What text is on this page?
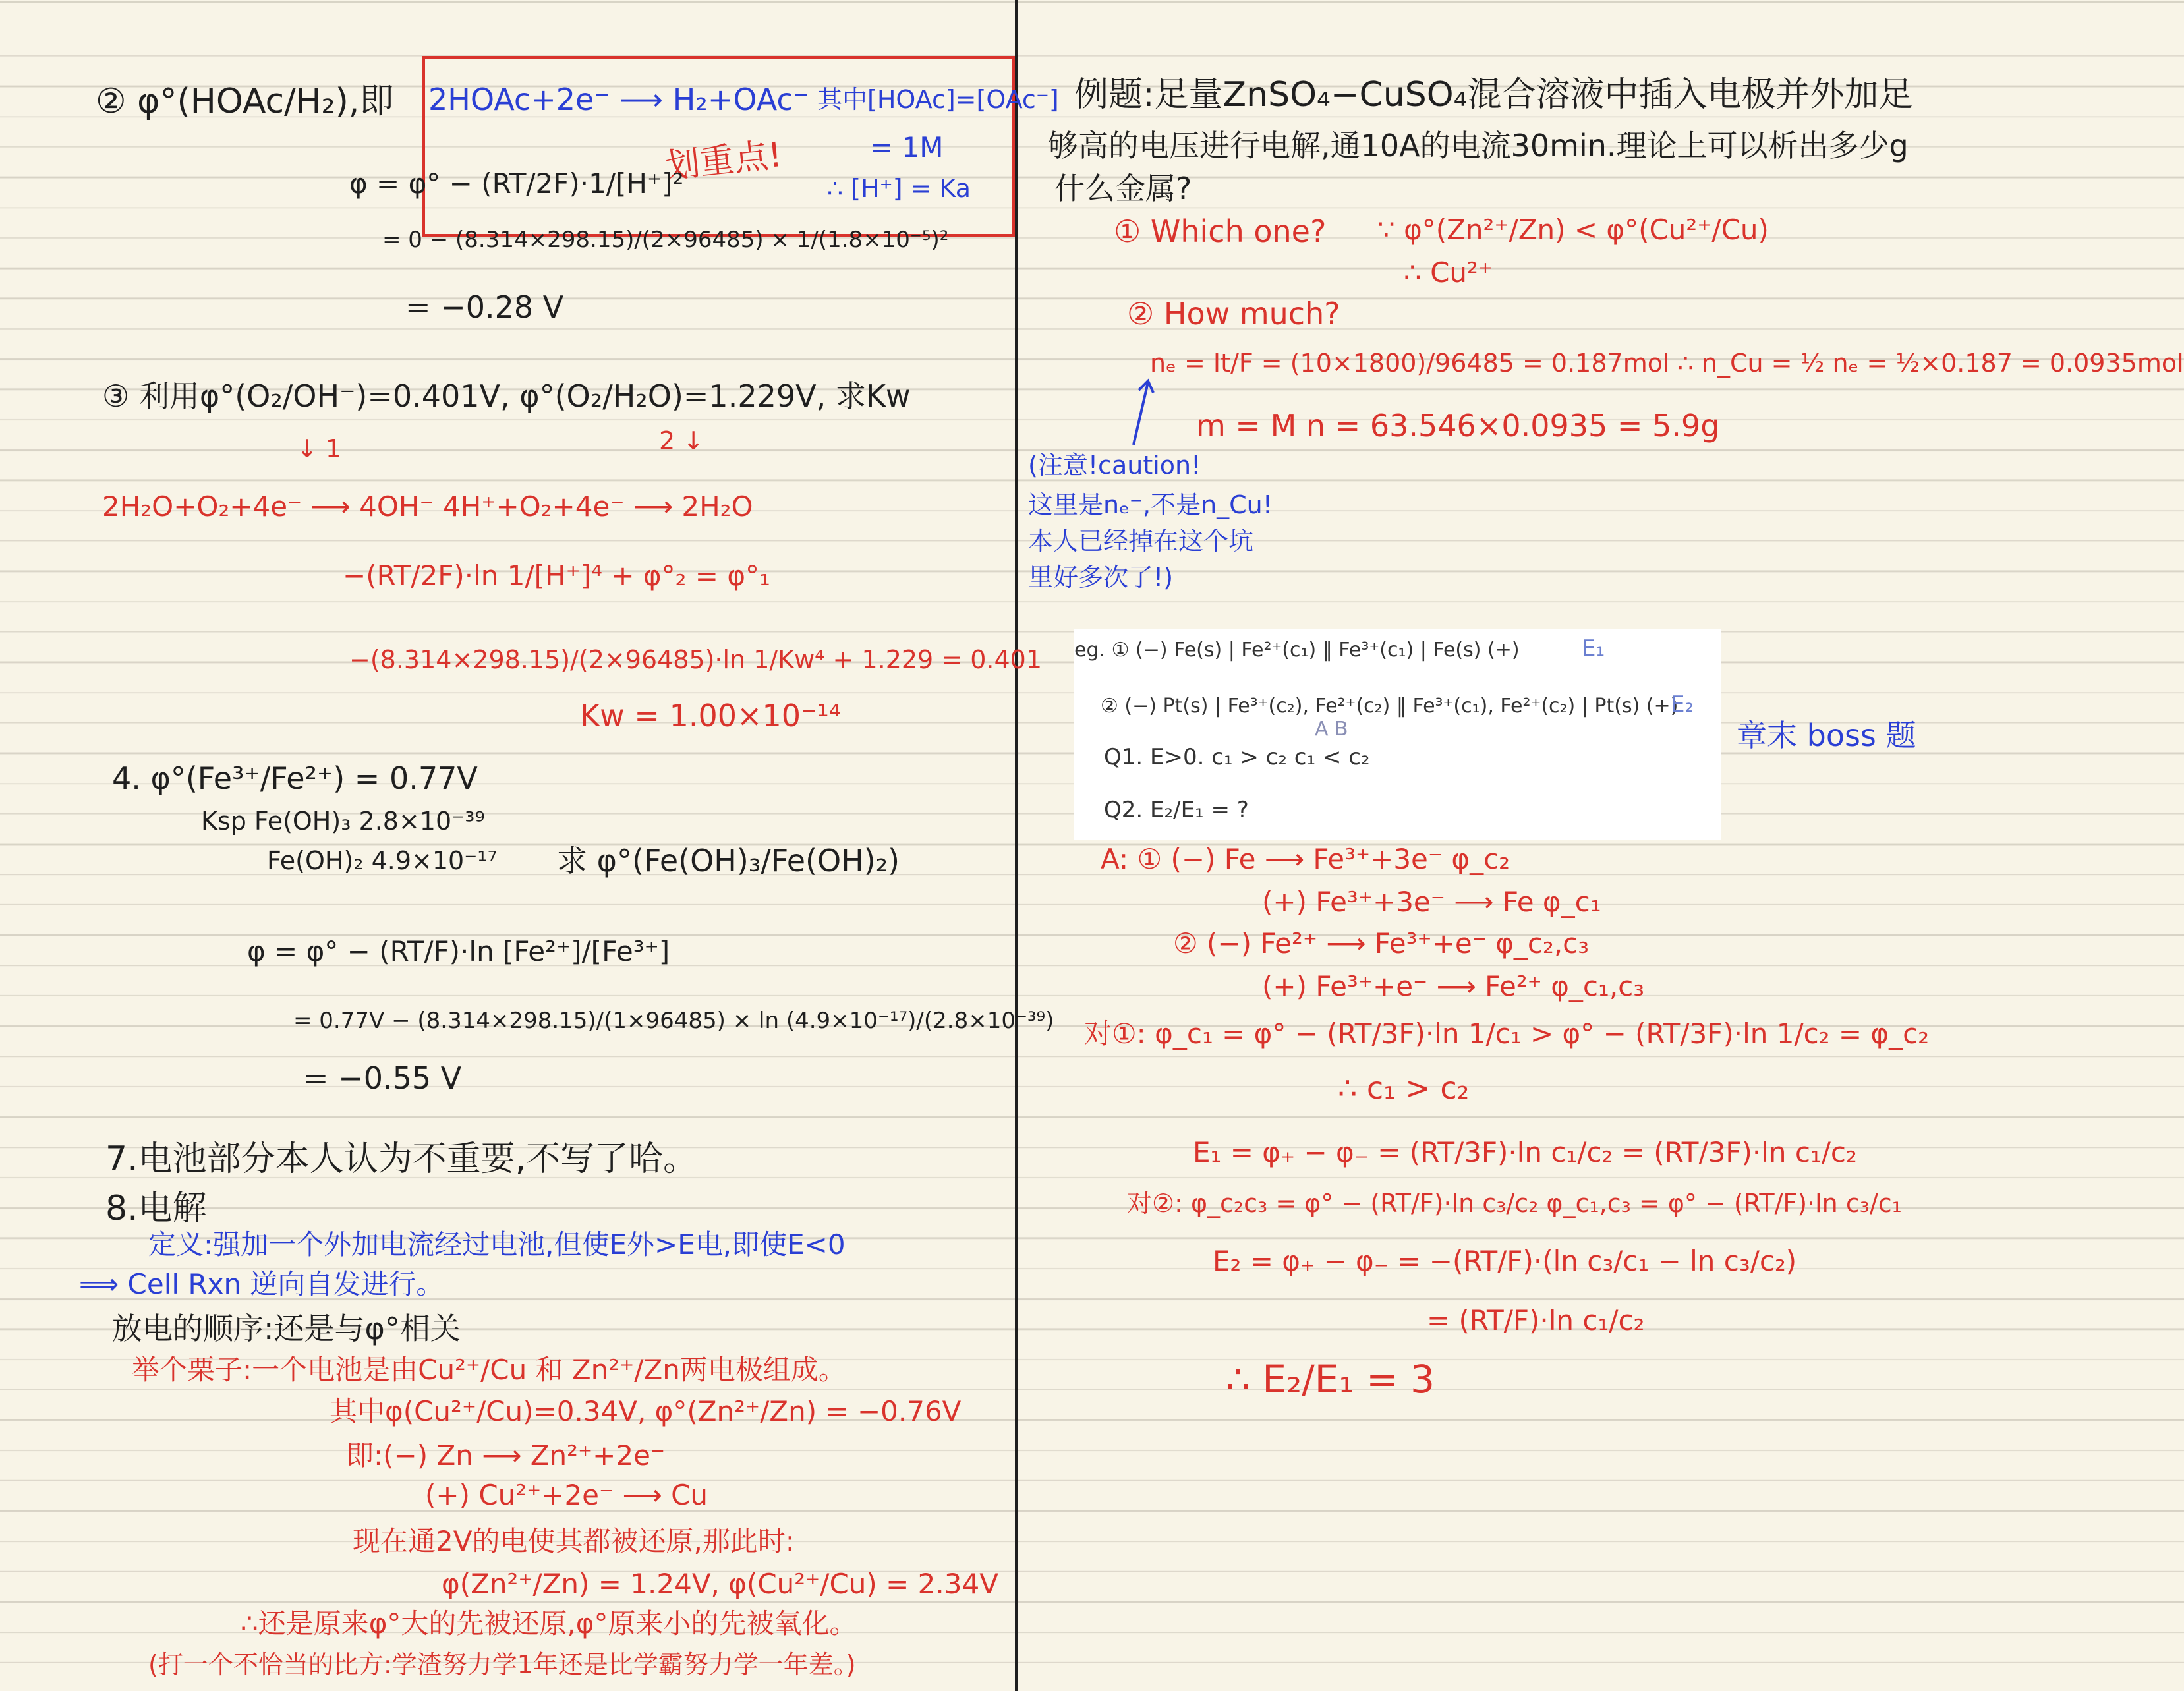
② φ°(HOAc/H₂),即 2HOAc+2e⁻ ⟶ H₂+OAc⁻ 其中[HOAc]=[OAc⁻]
= 1M
∴ [H⁺] = Ka
划重点!
φ = φ° − (RT/2F)·1/[H⁺]²
= 0 − (8.314×298.15)/(2×96485) × 1/(1.8×10⁻⁵)²
= −0.28 V
③ 利用φ°(O₂/OH⁻)=0.401V, φ°(O₂/H₂O)=1.229V, 求Kw
↓ 1	2 ↓
2H₂O+O₂+4e⁻ ⟶ 4OH⁻ 4H⁺+O₂+4e⁻ ⟶ 2H₂O
−(RT/2F)·ln 1/[H⁺]⁴ + φ°₂ = φ°₁
−(8.314×298.15)/(2×96485)·ln 1/Kw⁴ + 1.229 = 0.401
Kw = 1.00×10⁻¹⁴
4. φ°(Fe³⁺/Fe²⁺) = 0.77V
Ksp Fe(OH)₃ 2.8×10⁻³⁹
Fe(OH)₂ 4.9×10⁻¹⁷ 求 φ°(Fe(OH)₃/Fe(OH)₂)
φ = φ° − (RT/F)·ln [Fe²⁺]/[Fe³⁺]
= 0.77V − (8.314×298.15)/(1×96485) × ln (4.9×10⁻¹⁷)/(2.8×10⁻³⁹)
= −0.55 V
7.电池部分本人认为不重要,不写了哈。
8.电解
定义:强加一个外加电流经过电池,但使E外>E电,即使E<0
⟹ Cell Rxn 逆向自发进行。
放电的顺序:还是与φ°相关
举个栗子:一个电池是由Cu²⁺/Cu 和 Zn²⁺/Zn两电极组成。
其中φ(Cu²⁺/Cu)=0.34V, φ°(Zn²⁺/Zn) = −0.76V
即:(−) Zn ⟶ Zn²⁺+2e⁻
(+) Cu²⁺+2e⁻ ⟶ Cu
现在通2V的电使其都被还原,那此时:
φ(Zn²⁺/Zn) = 1.24V, φ(Cu²⁺/Cu) = 2.34V
∴还是原来φ°大的先被还原,φ°原来小的先被氧化。
(打一个不恰当的比方:学渣努力学1年还是比学霸努力学一年差。)
例题:足量ZnSO₄−CuSO₄混合溶液中插入电极并外加足
够高的电压进行电解,通10A的电流30min.理论上可以析出多少g
什么金属?
① Which one? ∵ φ°(Zn²⁺/Zn) < φ°(Cu²⁺/Cu)
∴ Cu²⁺
② How much?
nₑ = It/F = (10×1800)/96485 = 0.187mol ∴ n_Cu = ½ nₑ = ½×0.187 = 0.0935mol
m = M n = 63.546×0.0935 = 5.9g
(注意!caution!
这里是nₑ⁻,不是n_Cu!
本人已经掉在这个坑
里好多次了!)
eg. ① (−) Fe(s) | Fe²⁺(c₁) ‖ Fe³⁺(c₁) | Fe(s) (+)	E₁
② (−) Pt(s) | Fe³⁺(c₂), Fe²⁺(c₂) ‖ Fe³⁺(c₁), Fe²⁺(c₂) | Pt(s) (+)
E₂
A B
Q1. E>0. c₁ > c₂ c₁ < c₂
Q2. E₂/E₁ = ?
章末 boss 题
A: ① (−) Fe ⟶ Fe³⁺+3e⁻ φ_c₂
(+) Fe³⁺+3e⁻ ⟶ Fe φ_c₁
② (−) Fe²⁺ ⟶ Fe³⁺+e⁻ φ_c₂,c₃
(+) Fe³⁺+e⁻ ⟶ Fe²⁺ φ_c₁,c₃
对①: φ_c₁ = φ° − (RT/3F)·ln 1/c₁ > φ° − (RT/3F)·ln 1/c₂ = φ_c₂
∴ c₁ > c₂
E₁ = φ₊ − φ₋ = (RT/3F)·ln c₁/c₂ = (RT/3F)·ln c₁/c₂
对②: φ_c₂c₃ = φ° − (RT/F)·ln c₃/c₂ φ_c₁,c₃ = φ° − (RT/F)·ln c₃/c₁
E₂ = φ₊ − φ₋ = −(RT/F)·(ln c₃/c₁ − ln c₃/c₂)
= (RT/F)·ln c₁/c₂
∴ E₂/E₁ = 3
